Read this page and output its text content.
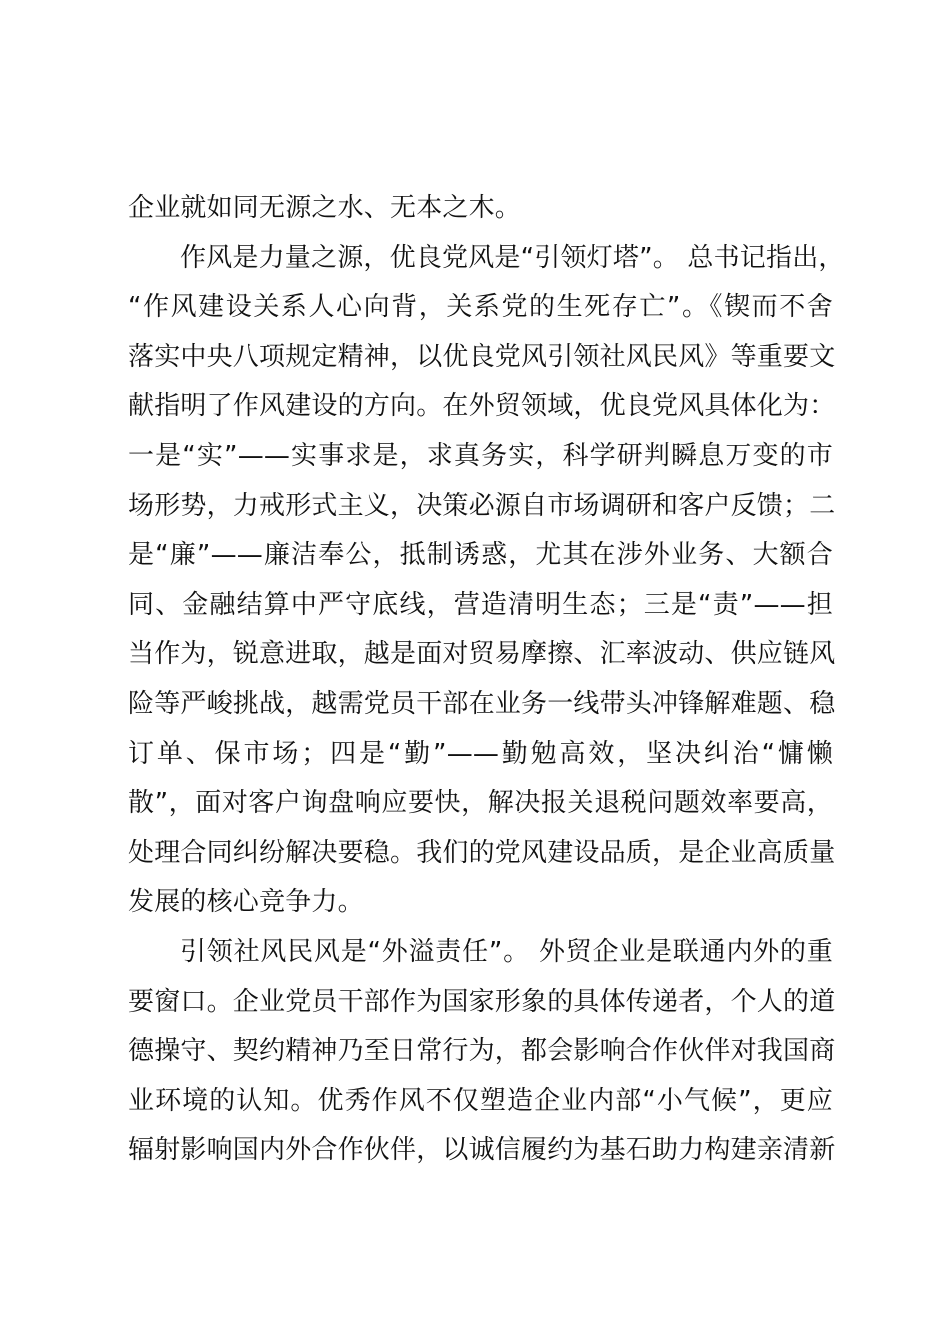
企业就如同无源之水、无本之木。
作风是力量之源，优良党风是“引领灯塔”。 总书记指出，
“作风建设关系人心向背，关系党的生死存亡”。《锲而不舍
落实中央八项规定精神，以优良党风引领社风民风》等重要文
献指明了作风建设的方向。在外贸领域，优良党风具体化为：
一是“实”——实事求是，求真务实，科学研判瞬息万变的市
场形势，力戒形式主义，决策必源自市场调研和客户反馈；二
是“廉”——廉洁奉公，抵制诱惑，尤其在涉外业务、大额合
同、金融结算中严守底线，营造清明生态；三是“责”——担
当作为，锐意进取，越是面对贸易摩擦、汇率波动、供应链风
险等严峻挑战，越需党员干部在业务一线带头冲锋解难题、稳
订单、保市场；四是“勤”——勤勉高效，坚决纠治“慵懒
散”，面对客户询盘响应要快，解决报关退税问题效率要高，
处理合同纠纷解决要稳。我们的党风建设品质，是企业高质量
发展的核心竞争力。
引领社风民风是“外溢责任”。 外贸企业是联通内外的重
要窗口。企业党员干部作为国家形象的具体传递者，个人的道
德操守、契约精神乃至日常行为，都会影响合作伙伴对我国商
业环境的认知。优秀作风不仅塑造企业内部“小气候”，更应
辐射影响国内外合作伙伴，以诚信履约为基石助力构建亲清新
